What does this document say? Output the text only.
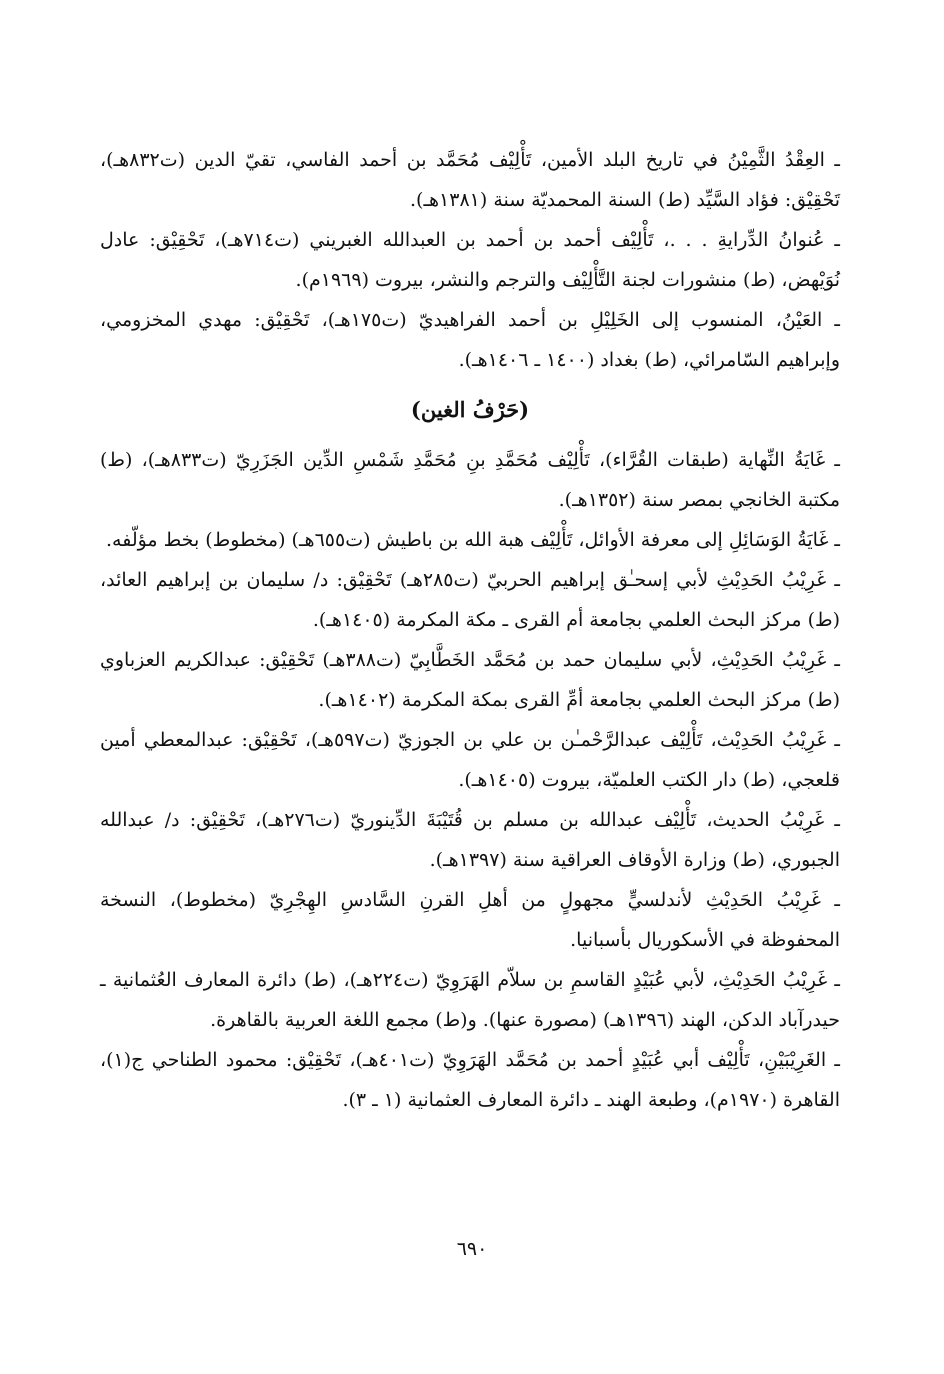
ـ العِقْدُ الثَّمِيْنُ في تاريخ البلد الأمين، تَأْلِيْف مُحَمَّد بن أحمد الفاسي، تقيّ الدين (ت٨٣٢هـ)، تَحْقِيْق: فؤاد السَّيِّد (ط) السنة المحمديّة سنة (١٣٨١هـ).

ـ عُنوانُ الدِّرايةِ . . .، تَأْلِيْف أحمد بن أحمد بن العبدالله الغبريني (ت٧١٤هـ)، تَحْقِيْق: عادل نُوَيْهض، (ط) منشورات لجنة التَّأْلِيْف والترجم والنشر، بيروت (١٩٦٩م).

ـ العَيْنُ، المنسوب إلى الخَلِيْلِ بن أحمد الفراهيديّ (ت١٧٥هـ)، تَحْقِيْق: مهدي المخزومي، وإبراهيم السّامرائي، (ط) بغداد (١٤٠٠ ـ ١٤٠٦هـ).

(حَرْفُ الغين)

ـ غَايَةُ النِّهاية (طبقات القُرَّاء)، تَأْلِيْف مُحَمَّدِ بنِ مُحَمَّدِ شَمْسِ الدِّين الجَزَرِيّ (ت٨٣٣هـ)، (ط) مكتبة الخانجي بمصر سنة (١٣٥٢هـ).

ـ غَايَةُ الوَسَائِلِ إلى معرفة الأوائل، تَأْلِيْف هبة الله بن باطيش (ت٦٥٥هـ) (مخطوط) بخط مؤلّفه.

ـ غَرِيْبُ الحَدِيْثِ لأبي إسحـٰق إبراهيم الحربيّ (ت٢٨٥هـ) تَحْقِيْق: د/ سليمان بن إبراهيم العائد، (ط) مركز البحث العلمي بجامعة أم القرى ـ مكة المكرمة (١٤٠٥هـ).

ـ غَرِيْبُ الحَدِيْثِ، لأبي سليمان حمد بن مُحَمَّد الخَطَّابِيّ (ت٣٨٨هـ) تَحْقِيْق: عبدالكريم العزباوي (ط) مركز البحث العلمي بجامعة أمِّ القرى بمكة المكرمة (١٤٠٢هـ).

ـ غَرِيْبُ الحَدِيْث، تَأْلِيْف عبدالرَّحْمـٰن بن علي بن الجوزيّ (ت٥٩٧هـ)، تَحْقِيْق: عبدالمعطي أمين قلعجي، (ط) دار الكتب العلميّة، بيروت (١٤٠٥هـ).

ـ غَرِيْبُ الحديث، تَأْلِيْف عبدالله بن مسلم بن قُتَيْبَةَ الدِّينوريّ (ت٢٧٦هـ)، تَحْقِيْق: د/ عبدالله الجبوري، (ط) وزارة الأوقاف العراقية سنة (١٣٩٧هـ).

ـ غَرِيْبُ الحَدِيْثِ لأندلسيٍّ مجهولٍ من أهلِ القرنِ السَّادسِ الهِجْرِيّ (مخطوط)، النسخة المحفوظة في الأسكوريال بأسبانيا.

ـ غَرِيْبُ الحَدِيْثِ، لأبي عُبَيْدٍ القاسمِ بن سلاّم الهَرَوِيّ (ت٢٢٤هـ)، (ط) دائرة المعارف العُثمانية ـ حيدرآباد الدكن، الهند (١٣٩٦هـ) (مصورة عنها). و(ط) مجمع اللغة العربية بالقاهرة.

ـ الغَرِيْبَيْنِ، تَأْلِيْف أبي عُبَيْدٍ أحمد بن مُحَمَّد الهَرَوِيّ (ت٤٠١هـ)، تَحْقِيْق: محمود الطناحي ج(١)، القاهرة (١٩٧٠م)، وطبعة الهند ـ دائرة المعارف العثمانية (١ ـ ٣).

٦٩٠
